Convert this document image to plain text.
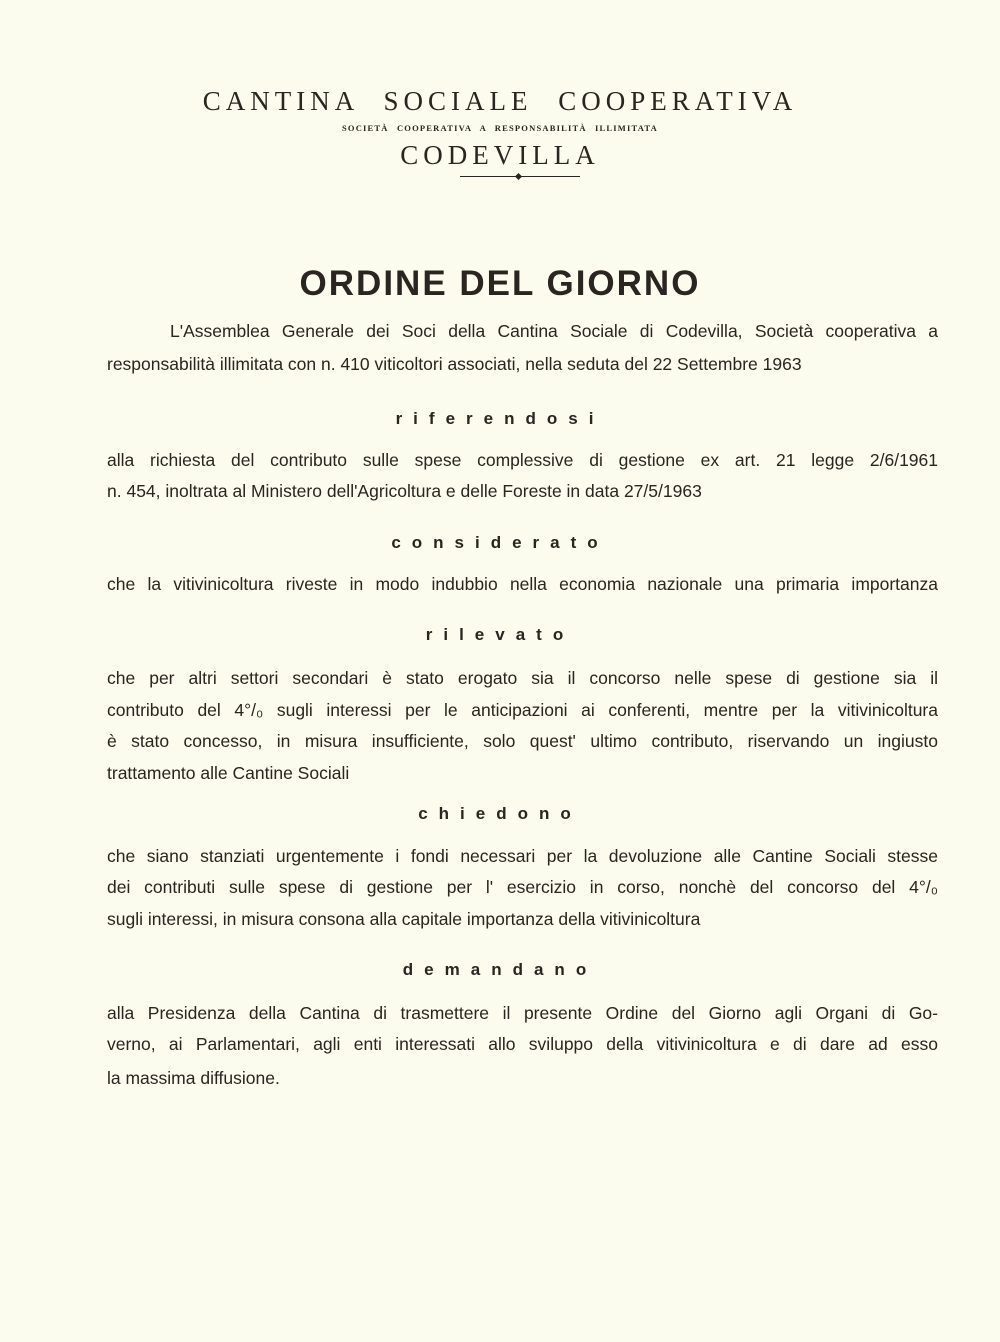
CANTINA SOCIALE COOPERATIVA
SOCIETÀ COOPERATIVA A RESPONSABILITÀ ILLIMITATA
CODEVILLA
ORDINE DEL GIORNO
L'Assemblea Generale dei Soci della Cantina Sociale di Codevilla, Società cooperativa a
responsabilità illimitata con n. 410 viticoltori associati, nella seduta del 22 Settembre 1963
riferendosi
alla richiesta del contributo sulle spese complessive di gestione ex art. 21 legge 2/6/1961
n. 454, inoltrata al Ministero dell'Agricoltura e delle Foreste in data 27/5/1963
considerato
che la vitivinicoltura riveste in modo indubbio nella economia nazionale una primaria importanza
rilevato
che per altri settori secondari è stato erogato sia il concorso nelle spese di gestione sia il
contributo del 4°/₀ sugli interessi per le anticipazioni ai conferenti, mentre per la vitivinicoltura
è stato concesso, in misura insufficiente, solo quest' ultimo contributo, riservando un ingiusto
trattamento alle Cantine Sociali
chiedono
che siano stanziati urgentemente i fondi necessari per la devoluzione alle Cantine Sociali stesse
dei contributi sulle spese di gestione per l' esercizio in corso, nonchè del concorso del 4°/₀
sugli interessi, in misura consona alla capitale importanza della vitivinicoltura
demandano
alla Presidenza della Cantina di trasmettere il presente Ordine del Giorno agli Organi di Go-
verno, ai Parlamentari, agli enti interessati allo sviluppo della vitivinicoltura e di dare ad esso
la massima diffusione.
